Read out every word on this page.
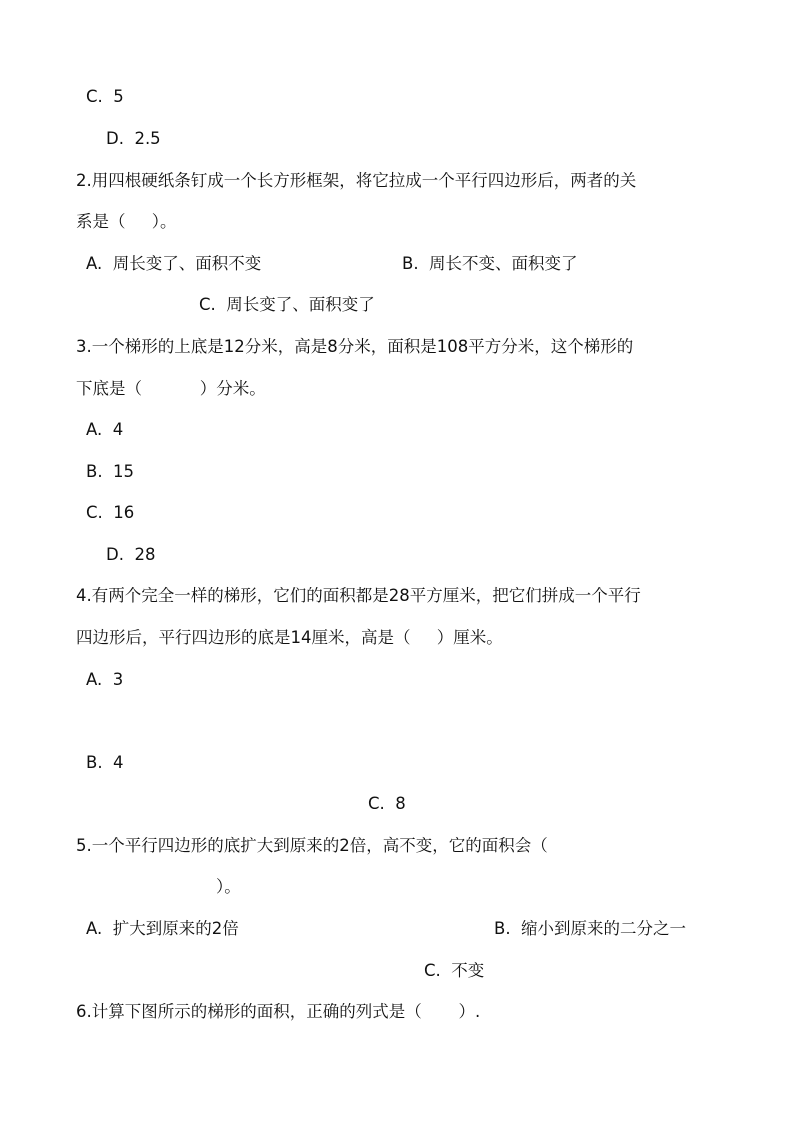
C.  5
D.  2.5
2.用四根硬纸条钉成一个长方形框架，将它拉成一个平行四边形后，两者的关
系是（     ）。
A.  周长变了、面积不变	B.  周长不变、面积变了
C.  周长变了、面积变了
3.一个梯形的上底是12分米，高是8分米，面积是108平方分米，这个梯形的
下底是（           ）分米。
A.  4
B.  15
C.  16
D.  28
4.有两个完全一样的梯形，它们的面积都是28平方厘米，把它们拼成一个平行
四边形后，平行四边形的底是14厘米，高是（     ）厘米。
A.  3
B.  4
C.  8
5.一个平行四边形的底扩大到原来的2倍，高不变，它的面积会（
）。
A.  扩大到原来的2倍	B.  缩小到原来的二分之一
C.  不变
6.计算下图所示的梯形的面积，正确的列式是（       ）.
